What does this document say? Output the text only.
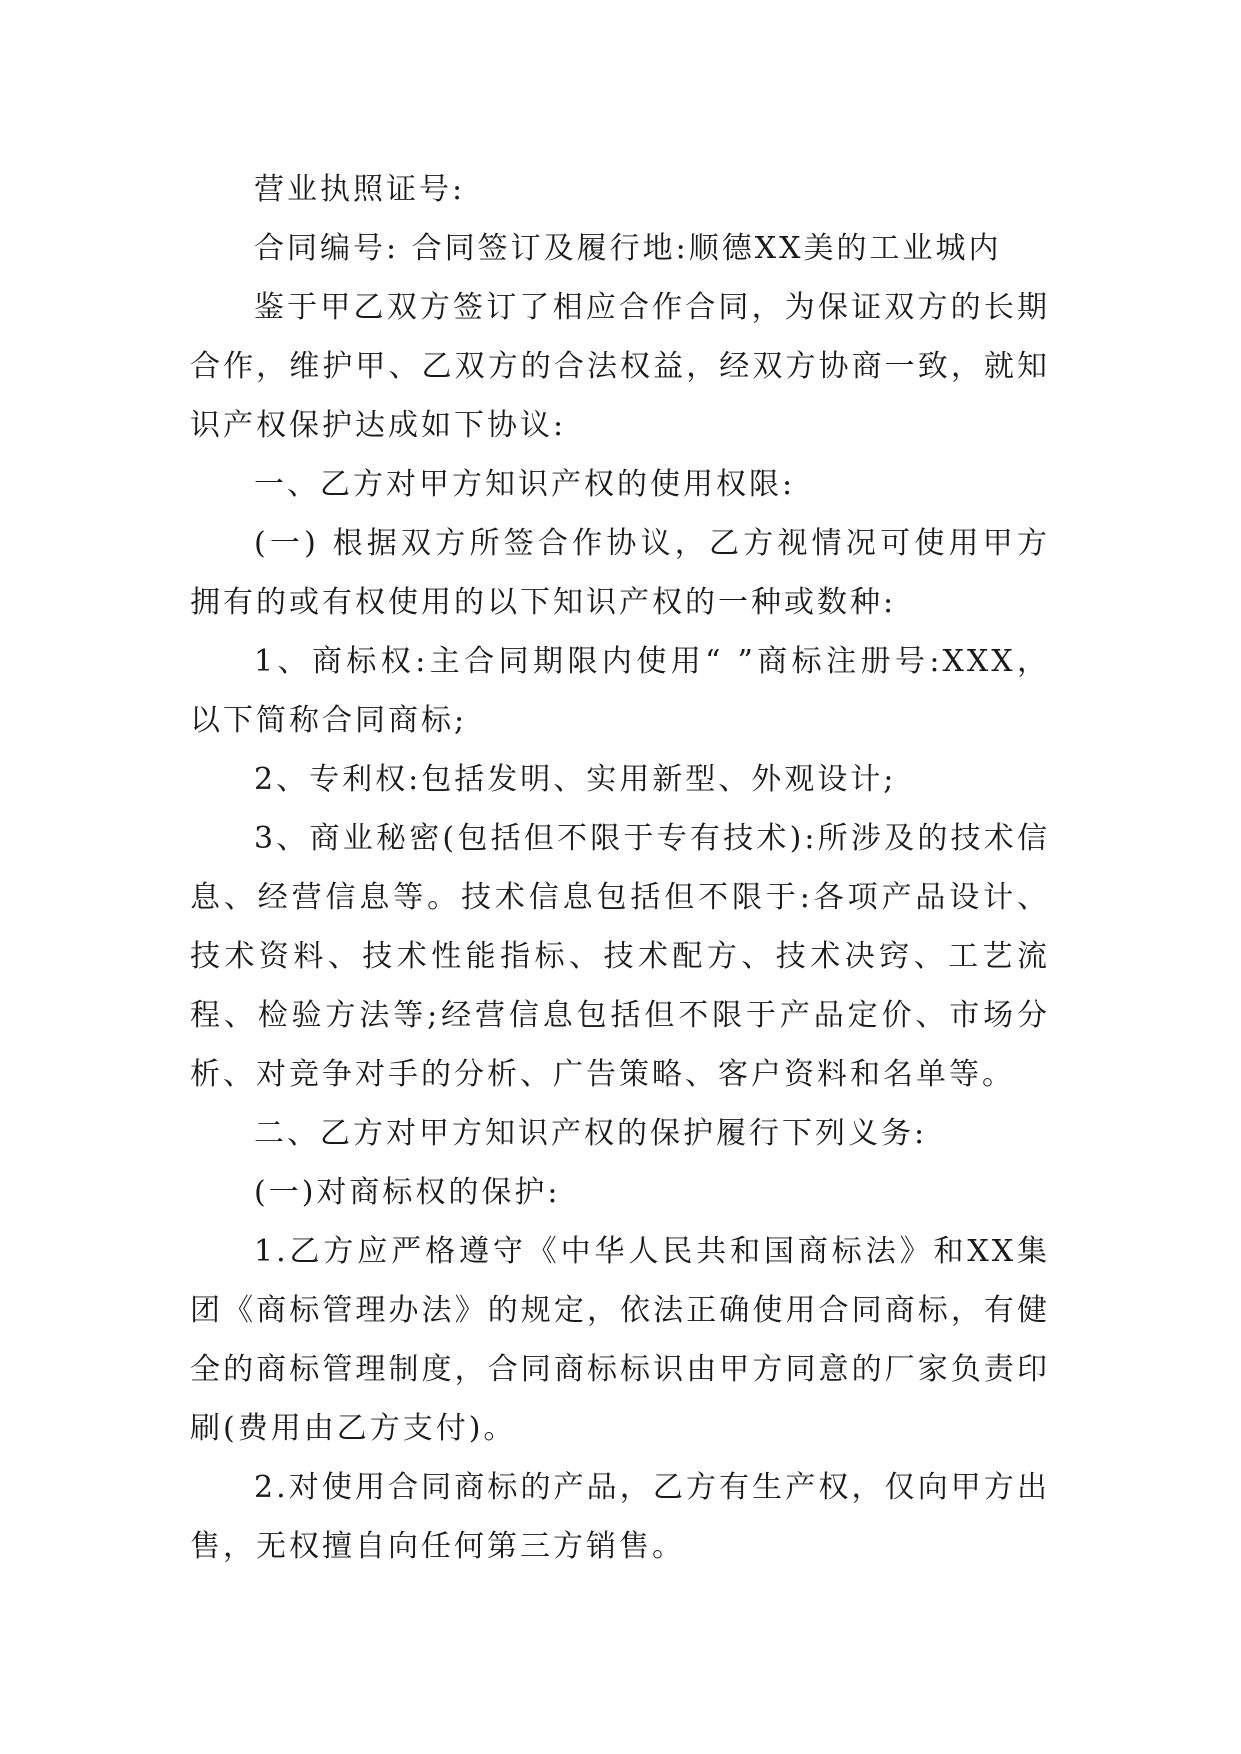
营业执照证号:

合同编号: 合同签订及履行地:顺德XX美的工业城内

鉴于甲乙双方签订了相应合作合同，为保证双方的长期合作，维护甲、乙双方的合法权益，经双方协商一致，就知识产权保护达成如下协议:

一、乙方对甲方知识产权的使用权限:

(一) 根据双方所签合作协议，乙方视情况可使用甲方拥有的或有权使用的以下知识产权的一种或数种:

1、商标权:主合同期限内使用“ ”商标注册号:XXX，以下简称合同商标;

2、专利权:包括发明、实用新型、外观设计;

3、商业秘密(包括但不限于专有技术):所涉及的技术信息、经营信息等。技术信息包括但不限于:各项产品设计、技术资料、技术性能指标、技术配方、技术决窍、工艺流程、检验方法等;经营信息包括但不限于产品定价、市场分析、对竞争对手的分析、广告策略、客户资料和名单等。

二、乙方对甲方知识产权的保护履行下列义务:

(一)对商标权的保护:

1.乙方应严格遵守《中华人民共和国商标法》和XX集团《商标管理办法》的规定，依法正确使用合同商标，有健全的商标管理制度，合同商标标识由甲方同意的厂家负责印刷(费用由乙方支付)。

2.对使用合同商标的产品，乙方有生产权，仅向甲方出售，无权擅自向任何第三方销售。
